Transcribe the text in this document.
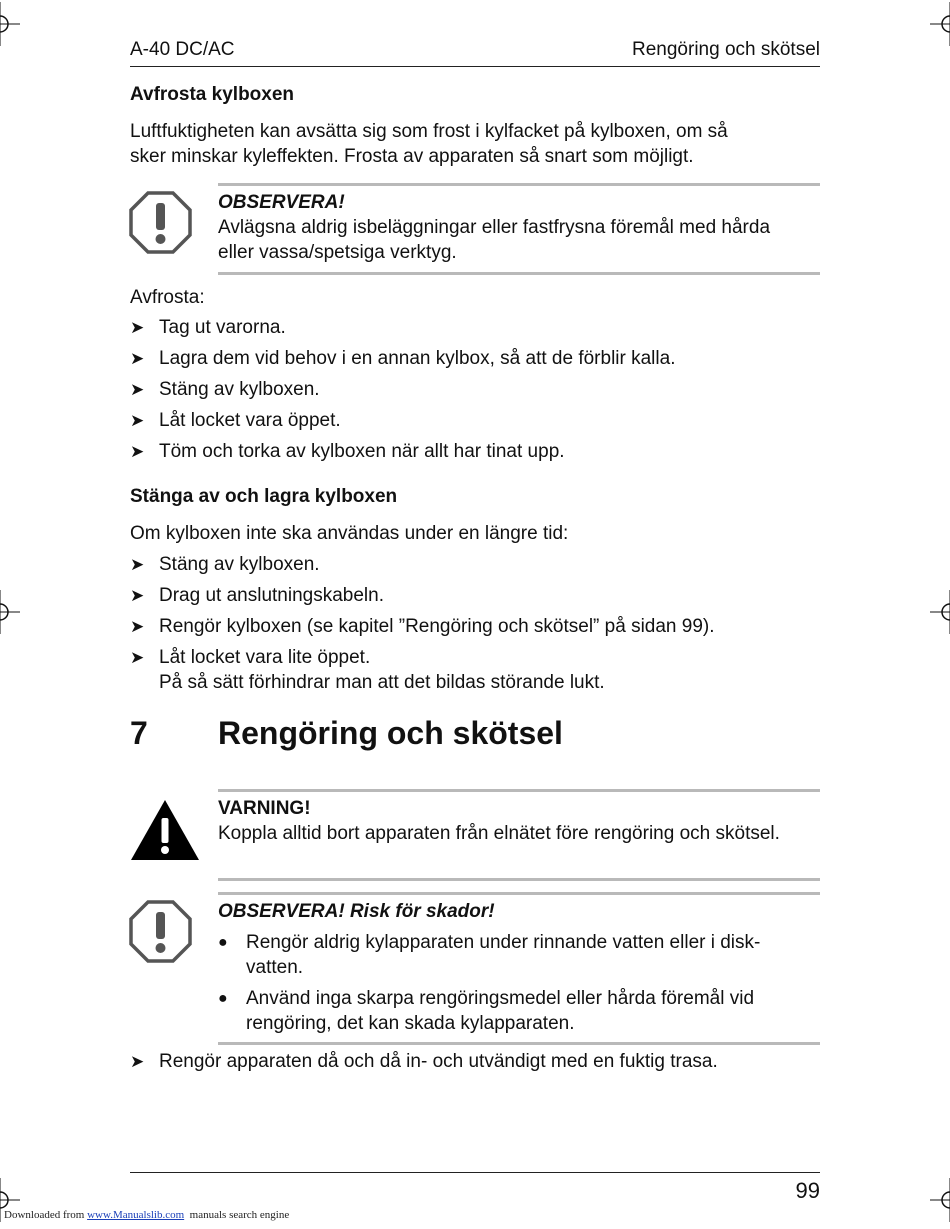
A-40 DC/AC	Rengöring och skötsel
Avfrosta kylboxen
Luftfuktigheten kan avsätta sig som frost i kylfacket på kylboxen, om så
sker minskar kyleffekten. Frosta av apparaten så snart som möjligt.
OBSERVERA!
Avlägsna aldrig isbeläggningar eller fastfrysna föremål med hårda
eller vassa/spetsiga verktyg.
Avfrosta:
➤ Tag ut varorna.
➤ Lagra dem vid behov i en annan kylbox, så att de förblir kalla.
➤ Stäng av kylboxen.
➤ Låt locket vara öppet.
➤ Töm och torka av kylboxen när allt har tinat upp.
Stänga av och lagra kylboxen
Om kylboxen inte ska användas under en längre tid:
➤ Stäng av kylboxen.
➤ Drag ut anslutningskabeln.
➤ Rengör kylboxen (se kapitel ”Rengöring och skötsel” på sidan 99).
➤ Låt locket vara lite öppet.
På så sätt förhindrar man att det bildas störande lukt.
7 Rengöring och skötsel
VARNING!
Koppla alltid bort apparaten från elnätet före rengöring och skötsel.
OBSERVERA! Risk för skador!
● Rengör aldrig kylapparaten under rinnande vatten eller i disk-
vatten.
● Använd inga skarpa rengöringsmedel eller hårda föremål vid
rengöring, det kan skada kylapparaten.
➤ Rengör apparaten då och då in- och utvändigt med en fuktig trasa.
99
Downloaded from www.Manualslib.com  manuals search engine
